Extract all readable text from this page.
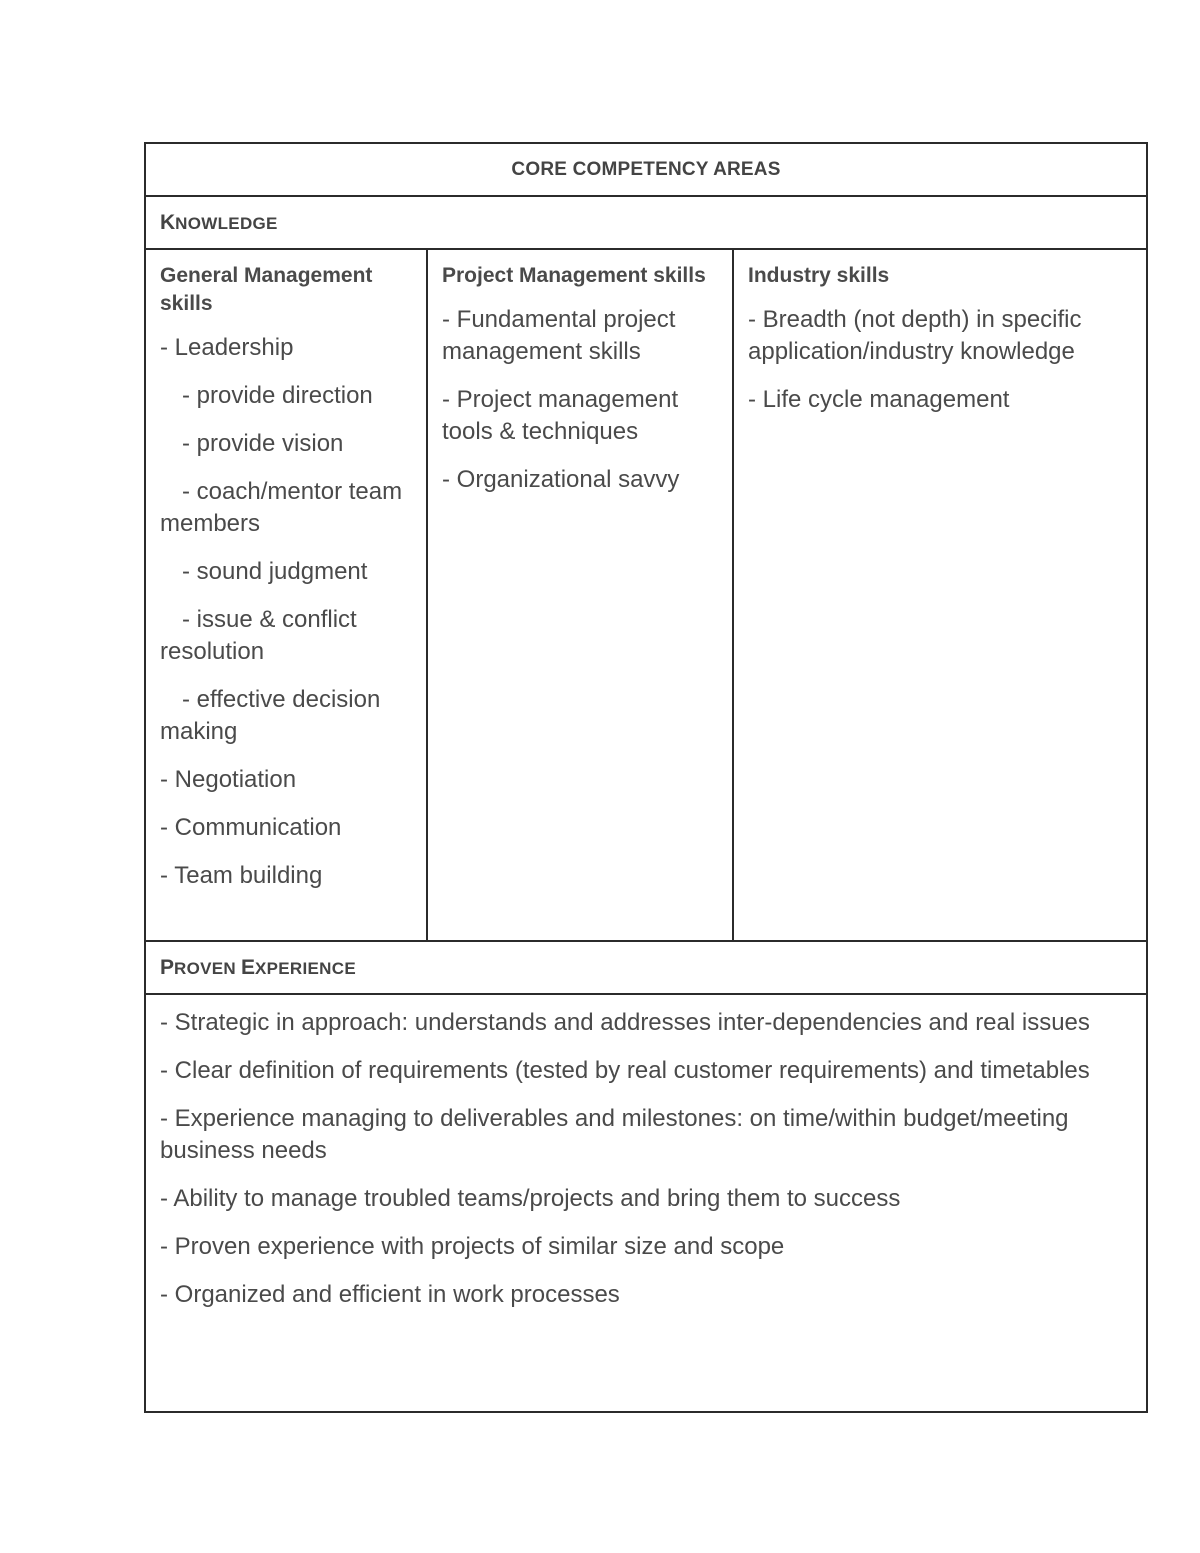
CORE COMPETENCY AREAS
KNOWLEDGE

General Management skills
- Leadership
- provide direction
- provide vision
- coach/mentor team members
- sound judgment
- issue & conflict resolution
- effective decision making
- Negotiation
- Communication
- Team building

Project Management skills
- Fundamental project management skills
- Project management tools & techniques
- Organizational savvy

Industry skills
- Breadth (not depth) in specific application/industry knowledge
- Life cycle management

PROVEN EXPERIENCE

- Strategic in approach: understands and addresses inter-dependencies and real issues
- Clear definition of requirements (tested by real customer requirements) and timetables
- Experience managing to deliverables and milestones: on time/within budget/meeting business needs
- Ability to manage troubled teams/projects and bring them to success
- Proven experience with projects of similar size and scope
- Organized and efficient in work processes
